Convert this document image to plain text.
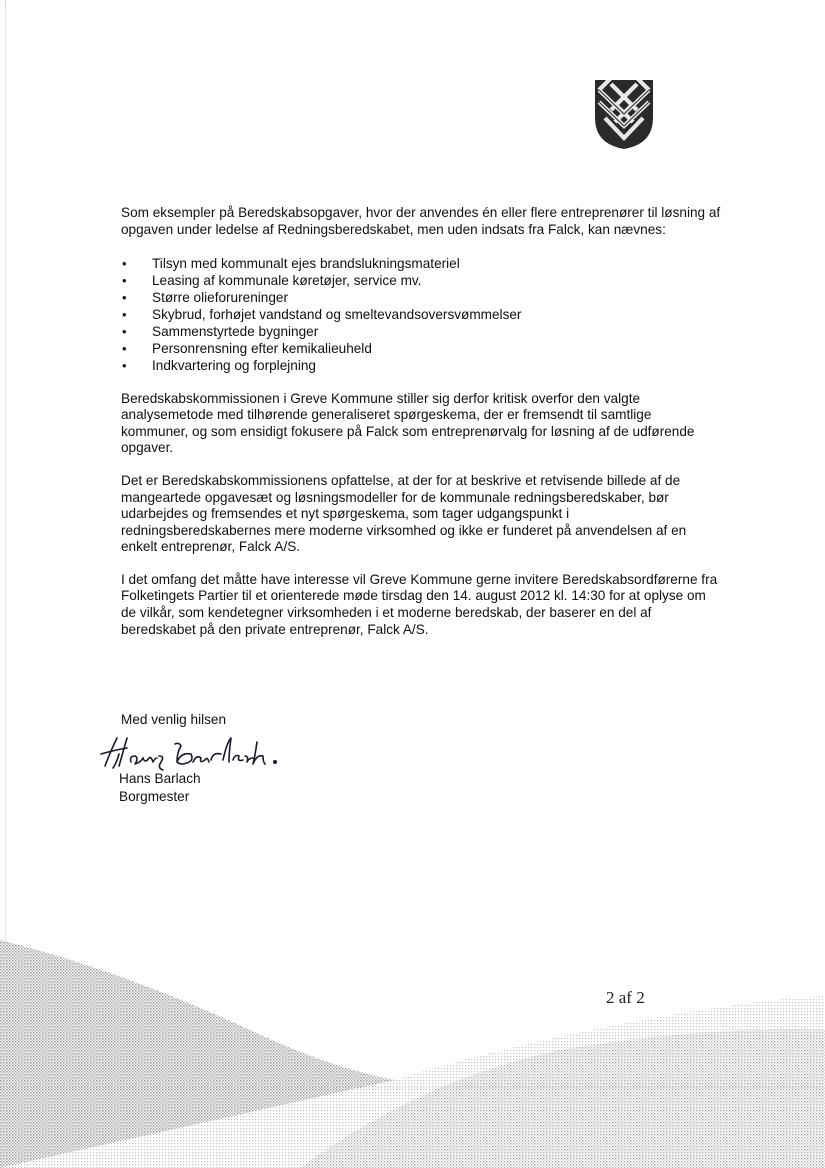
Som eksempler på Beredskabsopgaver, hvor der anvendes én eller flere entreprenører til løsning af opgaven under ledelse af Redningsberedskabet, men uden indsats fra Falck, kan nævnes:

• Tilsyn med kommunalt ejes brandslukningsmateriel
• Leasing af kommunale køretøjer, service mv.
• Større olieforureninger
• Skybrud, forhøjet vandstand og smeltevandsoversvømmelser
• Sammenstyrtede bygninger
• Personrensning efter kemikalieuheld
• Indkvartering og forplejning

Beredskabskommissionen i Greve Kommune stiller sig derfor kritisk overfor den valgte analysemetode med tilhørende generaliseret spørgeskema, der er fremsendt til samtlige kommuner, og som ensidigt fokusere på Falck som entreprenørvalg for løsning af de udførende opgaver.

Det er Beredskabskommissionens opfattelse, at der for at beskrive et retvisende billede af de mangeartede opgavesæt og løsningsmodeller for de kommunale redningsberedskaber, bør udarbejdes og fremsendes et nyt spørgeskema, som tager udgangspunkt i redningsberedskabernes mere moderne virksomhed og ikke er funderet på anvendelsen af en enkelt entreprenør, Falck A/S.

I det omfang det måtte have interesse vil Greve Kommune gerne invitere Beredskabsordførerne fra Folketingets Partier til et orienterede møde tirsdag den 14. august 2012 kl. 14:30 for at oplyse om de vilkår, som kendetegner virksomheden i et moderne beredskab, der baserer en del af beredskabet på den private entreprenør, Falck A/S.

Med venlig hilsen
Hans Barlach
Borgmester
2 af 2
